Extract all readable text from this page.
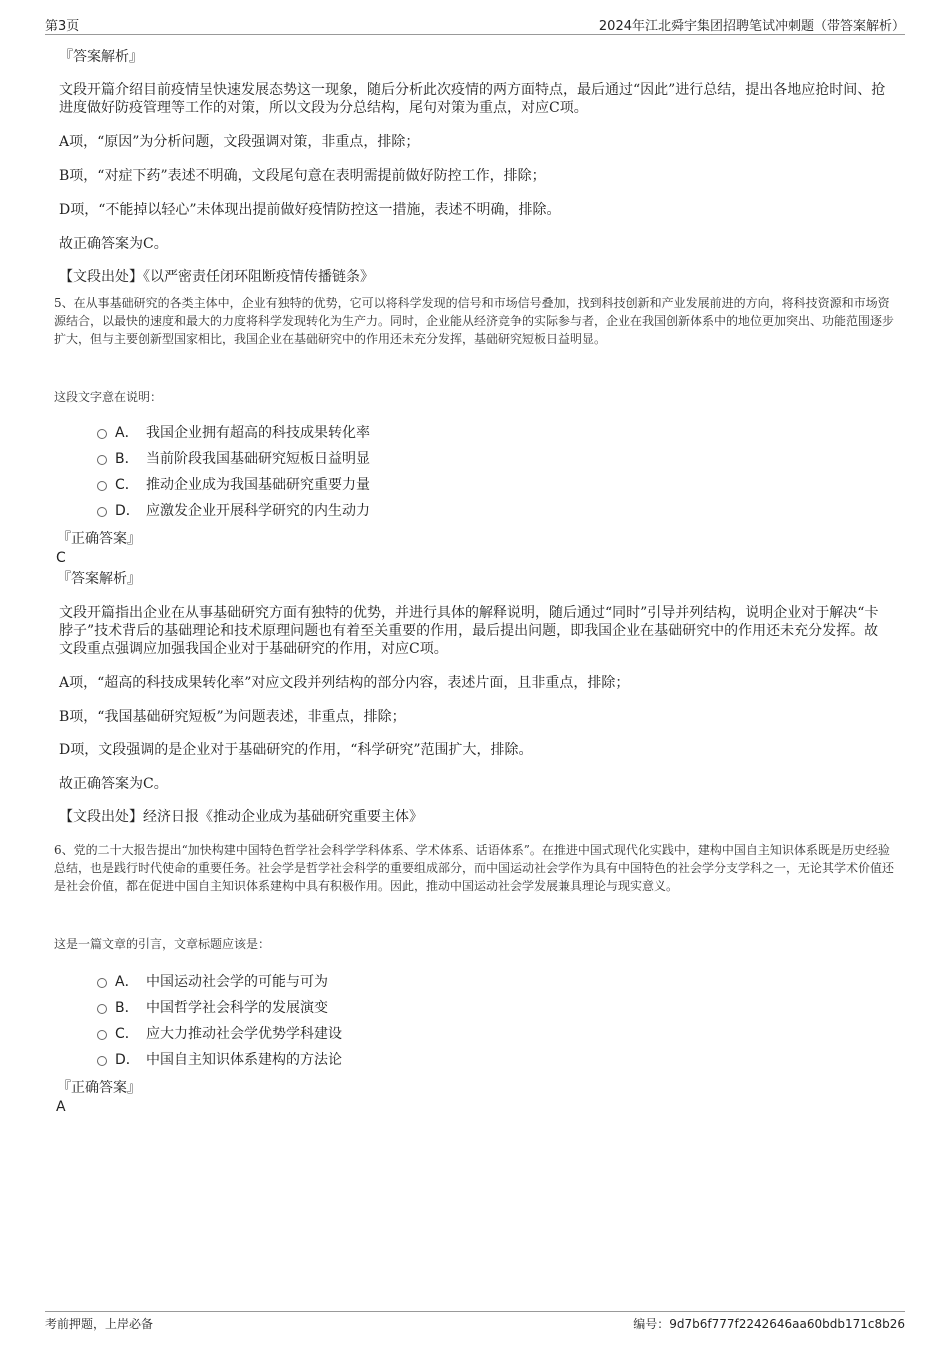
第3页	2024年江北舜宇集团招聘笔试冲刺题（带答案解析）
『答案解析』
文段开篇介绍目前疫情呈快速发展态势这一现象，随后分析此次疫情的两方面特点，最后通过“因此”进行总结，提出各地应抢时间、抢进度做好防疫管理等工作的对策，所以文段为分总结构，尾句对策为重点，对应C项。
A项，“原因”为分析问题，文段强调对策，非重点，排除；
B项，“对症下药”表述不明确，文段尾句意在表明需提前做好防控工作，排除；
D项，“不能掉以轻心”未体现出提前做好疫情防控这一措施，表述不明确，排除。
故正确答案为C。
【文段出处】《以严密责任闭环阻断疫情传播链条》
5、在从事基础研究的各类主体中，企业有独特的优势，它可以将科学发现的信号和市场信号叠加，找到科技创新和产业发展前进的方向，将科技资源和市场资源结合，以最快的速度和最大的力度将科学发现转化为生产力。同时，企业能从经济竞争的实际参与者，企业在我国创新体系中的地位更加突出、功能范围逐步扩大，但与主要创新型国家相比，我国企业在基础研究中的作用还未充分发挥，基础研究短板日益明显。
这段文字意在说明：
A． 我国企业拥有超高的科技成果转化率
B． 当前阶段我国基础研究短板日益明显
C． 推动企业成为我国基础研究重要力量
D． 应激发企业开展科学研究的内生动力
『正确答案』
C
『答案解析』
文段开篇指出企业在从事基础研究方面有独特的优势，并进行具体的解释说明，随后通过“同时”引导并列结构，说明企业对于解决“卡脖子”技术背后的基础理论和技术原理问题也有着至关重要的作用，最后提出问题，即我国企业在基础研究中的作用还未充分发挥。故文段重点强调应加强我国企业对于基础研究的作用，对应C项。
A项，“超高的科技成果转化率”对应文段并列结构的部分内容，表述片面，且非重点，排除；
B项，“我国基础研究短板”为问题表述，非重点，排除；
D项，文段强调的是企业对于基础研究的作用，“科学研究”范围扩大，排除。
故正确答案为C。
【文段出处】经济日报《推动企业成为基础研究重要主体》
6、党的二十大报告提出“加快构建中国特色哲学社会科学学科体系、学术体系、话语体系”。在推进中国式现代化实践中，建构中国自主知识体系既是历史经验总结，也是践行时代使命的重要任务。社会学是哲学社会科学的重要组成部分，而中国运动社会学作为具有中国特色的社会学分支学科之一，无论其学术价值还是社会价值，都在促进中国自主知识体系建构中具有积极作用。因此，推动中国运动社会学发展兼具理论与现实意义。
这是一篇文章的引言，文章标题应该是：
A． 中国运动社会学的可能与可为
B． 中国哲学社会科学的发展演变
C． 应大力推动社会学优势学科建设
D． 中国自主知识体系建构的方法论
『正确答案』
A
考前押题，上岸必备	编号：9d7b6f777f2242646aa60bdb171c8b26
